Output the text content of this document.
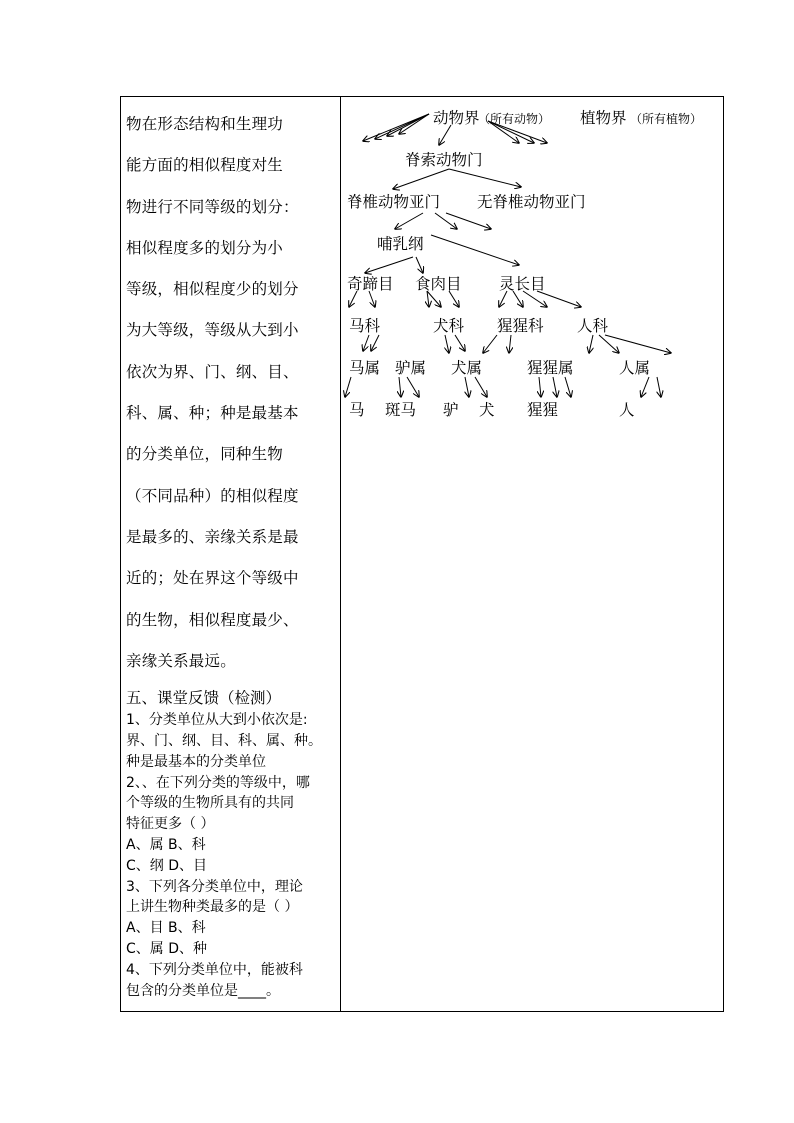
物在形态结构和生理功
能方面的相似程度对生
物进行不同等级的划分：
相似程度多的划分为小
等级，相似程度少的划分
为大等级，等级从大到小
依次为界、门、纲、目、
科、属、种；种是最基本
的分类单位，同种生物
（不同品种）的相似程度
是最多的、亲缘关系是最
近的；处在界这个等级中
的生物，相似程度最少、
亲缘关系最远。
五、课堂反馈（检测）
1、分类单位从大到小依次是:
界、门、纲、目、科、属、种。
种是最基本的分类单位
2、、在下列分类的等级中，哪
个等级的生物所具有的共同
特征更多（ ）
A、属 B、科
C、纲 D、目
3、下列各分类单位中，理论
上讲生物种类最多的是（ ）
A、目 B、科
C、属 D、种
4、下列分类单位中，能被科
包含的分类单位是____。
动物界
（所有动物） 植物界 （所有植物）
脊索动物门
脊椎动物亚门 无脊椎动物亚门
哺乳纲
奇蹄目 食肉目 灵长目
马科	犬科 猩猩科 人科
马属 驴属 犬属	猩猩属	人属
马 斑马 驴 犬 猩猩	人
